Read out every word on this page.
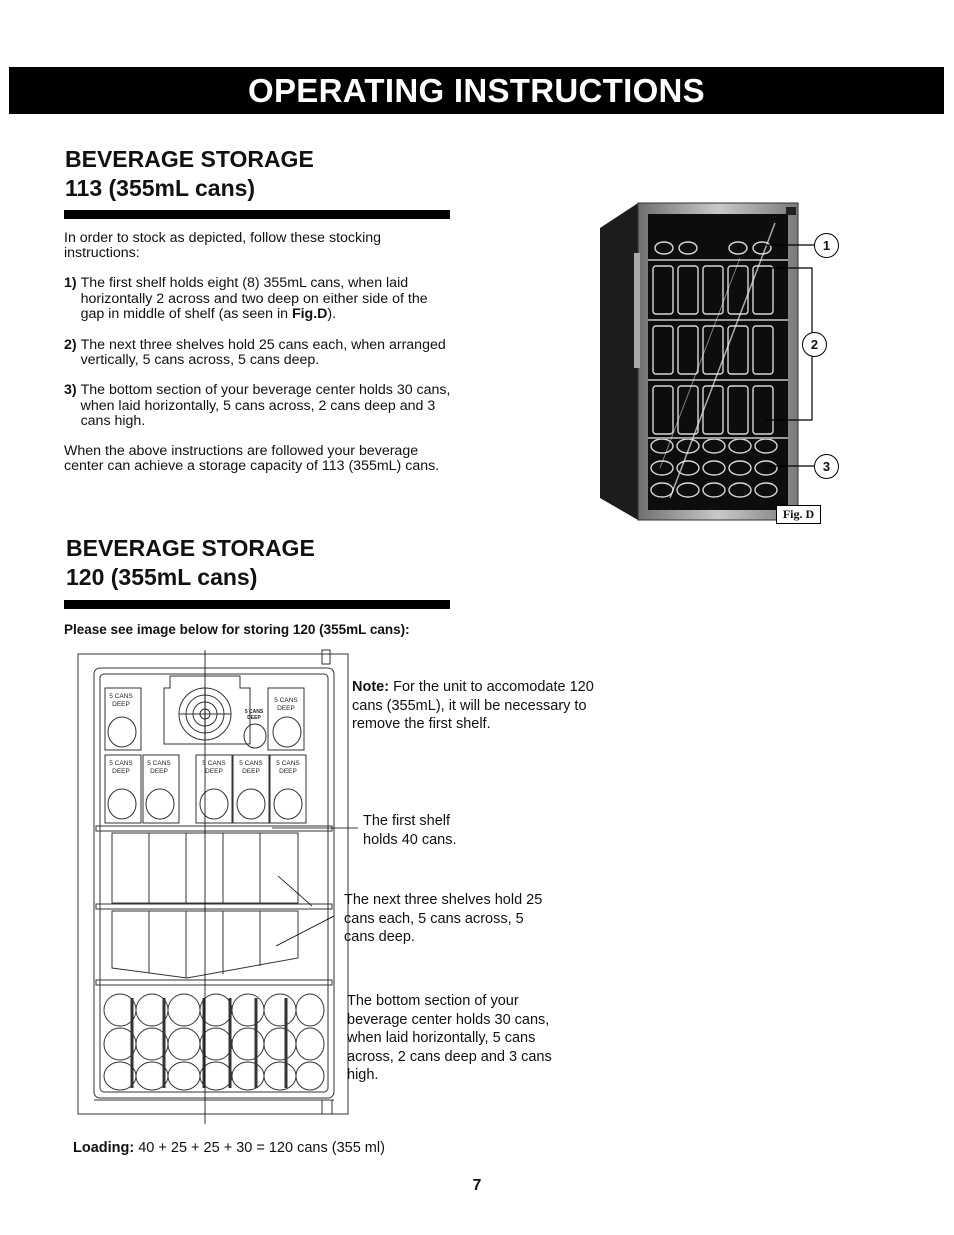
OPERATING INSTRUCTIONS
BEVERAGE STORAGE
113 (355mL cans)

In order to stock as depicted, follow these stocking instructions:

1)
The first shelf holds eight (8) 355mL cans, when laid horizontally 2 across and two deep on either side of the gap in middle of shelf (as seen in Fig.D).
2)
The next three shelves hold 25 cans each, when arranged vertically, 5 cans across, 5 cans deep.
3)
The bottom section of your beverage center holds 30 cans, when laid horizontally, 5 cans across, 2 cans deep and 3 cans high.

When the above instructions are followed your beverage center can achieve a storage capacity of 113 (355mL) cans.

1
2
3
Fig. D
BEVERAGE STORAGE
120 (355mL cans)
Please see image below for storing 120 (355mL cans):
5 CANS
DEEP
5 CANS
DEEP
5 CANS
DEEP
5 CANS
DEEP
5 CANS
DEEP
5 CANS
DEEP
5 CANS
DEEP
5 CANS
DEEP
Note: For the unit to accomodate 120 cans (355mL), it will be necessary to remove the first shelf.
The first shelf holds 40 cans.
The next three shelves hold 25 cans each, 5 cans across, 5 cans deep.
The bottom section of your beverage center holds 30 cans, when laid horizontally, 5 cans across, 2 cans deep and 3 cans high.
Loading: 40 + 25 + 25 + 30 = 120 cans (355 ml)
7
